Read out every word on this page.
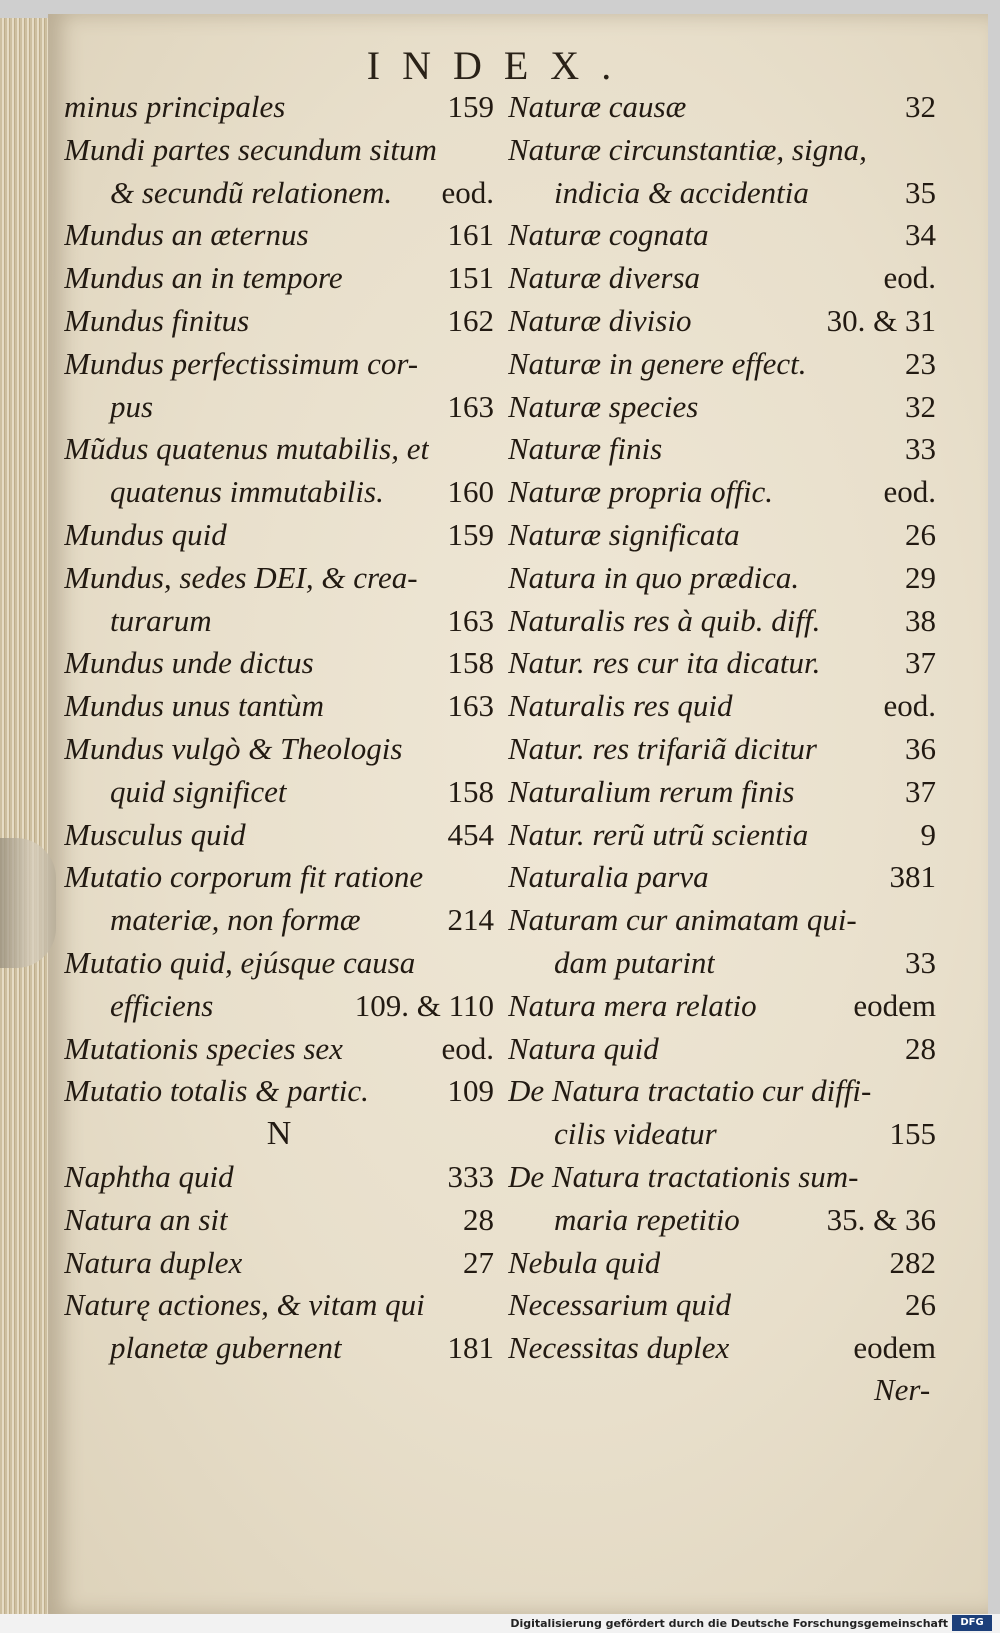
INDEX.
minus principales	159
Mundi partes secundum situm
& secundũ relationem. eod.
Mundus an æternus	161
Mundus an in tempore	151
Mundus finitus	162
Mundus perfectissimum cor-
pus	163
Mũdus quatenus mutabilis, et
quatenus immutabilis. 160
Mundus quid	159
Mundus, sedes DEI, & crea-
turarum	163
Mundus unde dictus	158
Mundus unus tantùm	163
Mundus vulgò & Theologis
quid significet	158
Musculus quid	454
Mutatio corporum fit ratione
materiæ, non formæ	214
Mutatio quid, ejúsque causa
efficiens	109. & 110
Mutationis species sex	eod.
Mutatio totalis & partic.	109
N
Naphtha quid	333
Natura an sit	28
Natura duplex	27
Naturę actiones, & vitam qui
planetæ gubernent	181
Naturæ causæ	32
Naturæ circunstantiæ, signa,
indicia & accidentia	35
Naturæ cognata	34
Naturæ diversa	eod.
Naturæ divisio	30. & 31
Naturæ in genere effect.	23
Naturæ species	32
Naturæ finis	33
Naturæ propria offic.	eod.
Naturæ significata	26
Natura in quo prædica.	29
Naturalis res à quib. diff.	38
Natur. res cur ita dicatur.	37
Naturalis res quid	eod.
Natur. res trifariã dicitur	36
Naturalium rerum finis	37
Natur. rerũ utrũ scientia	9
Naturalia parva	381
Naturam cur animatam qui-
dam putarint	33
Natura mera relatio	eodem
Natura quid	28
De Natura tractatio cur diffi-
cilis videatur	155
De Natura tractationis sum-
maria repetitio	35. & 36
Nebula quid	282
Necessarium quid	26
Necessitas duplex	eodem
Ner-
Digitalisierung gefördert durch die Deutsche Forschungsgemeinschaft	DFG
